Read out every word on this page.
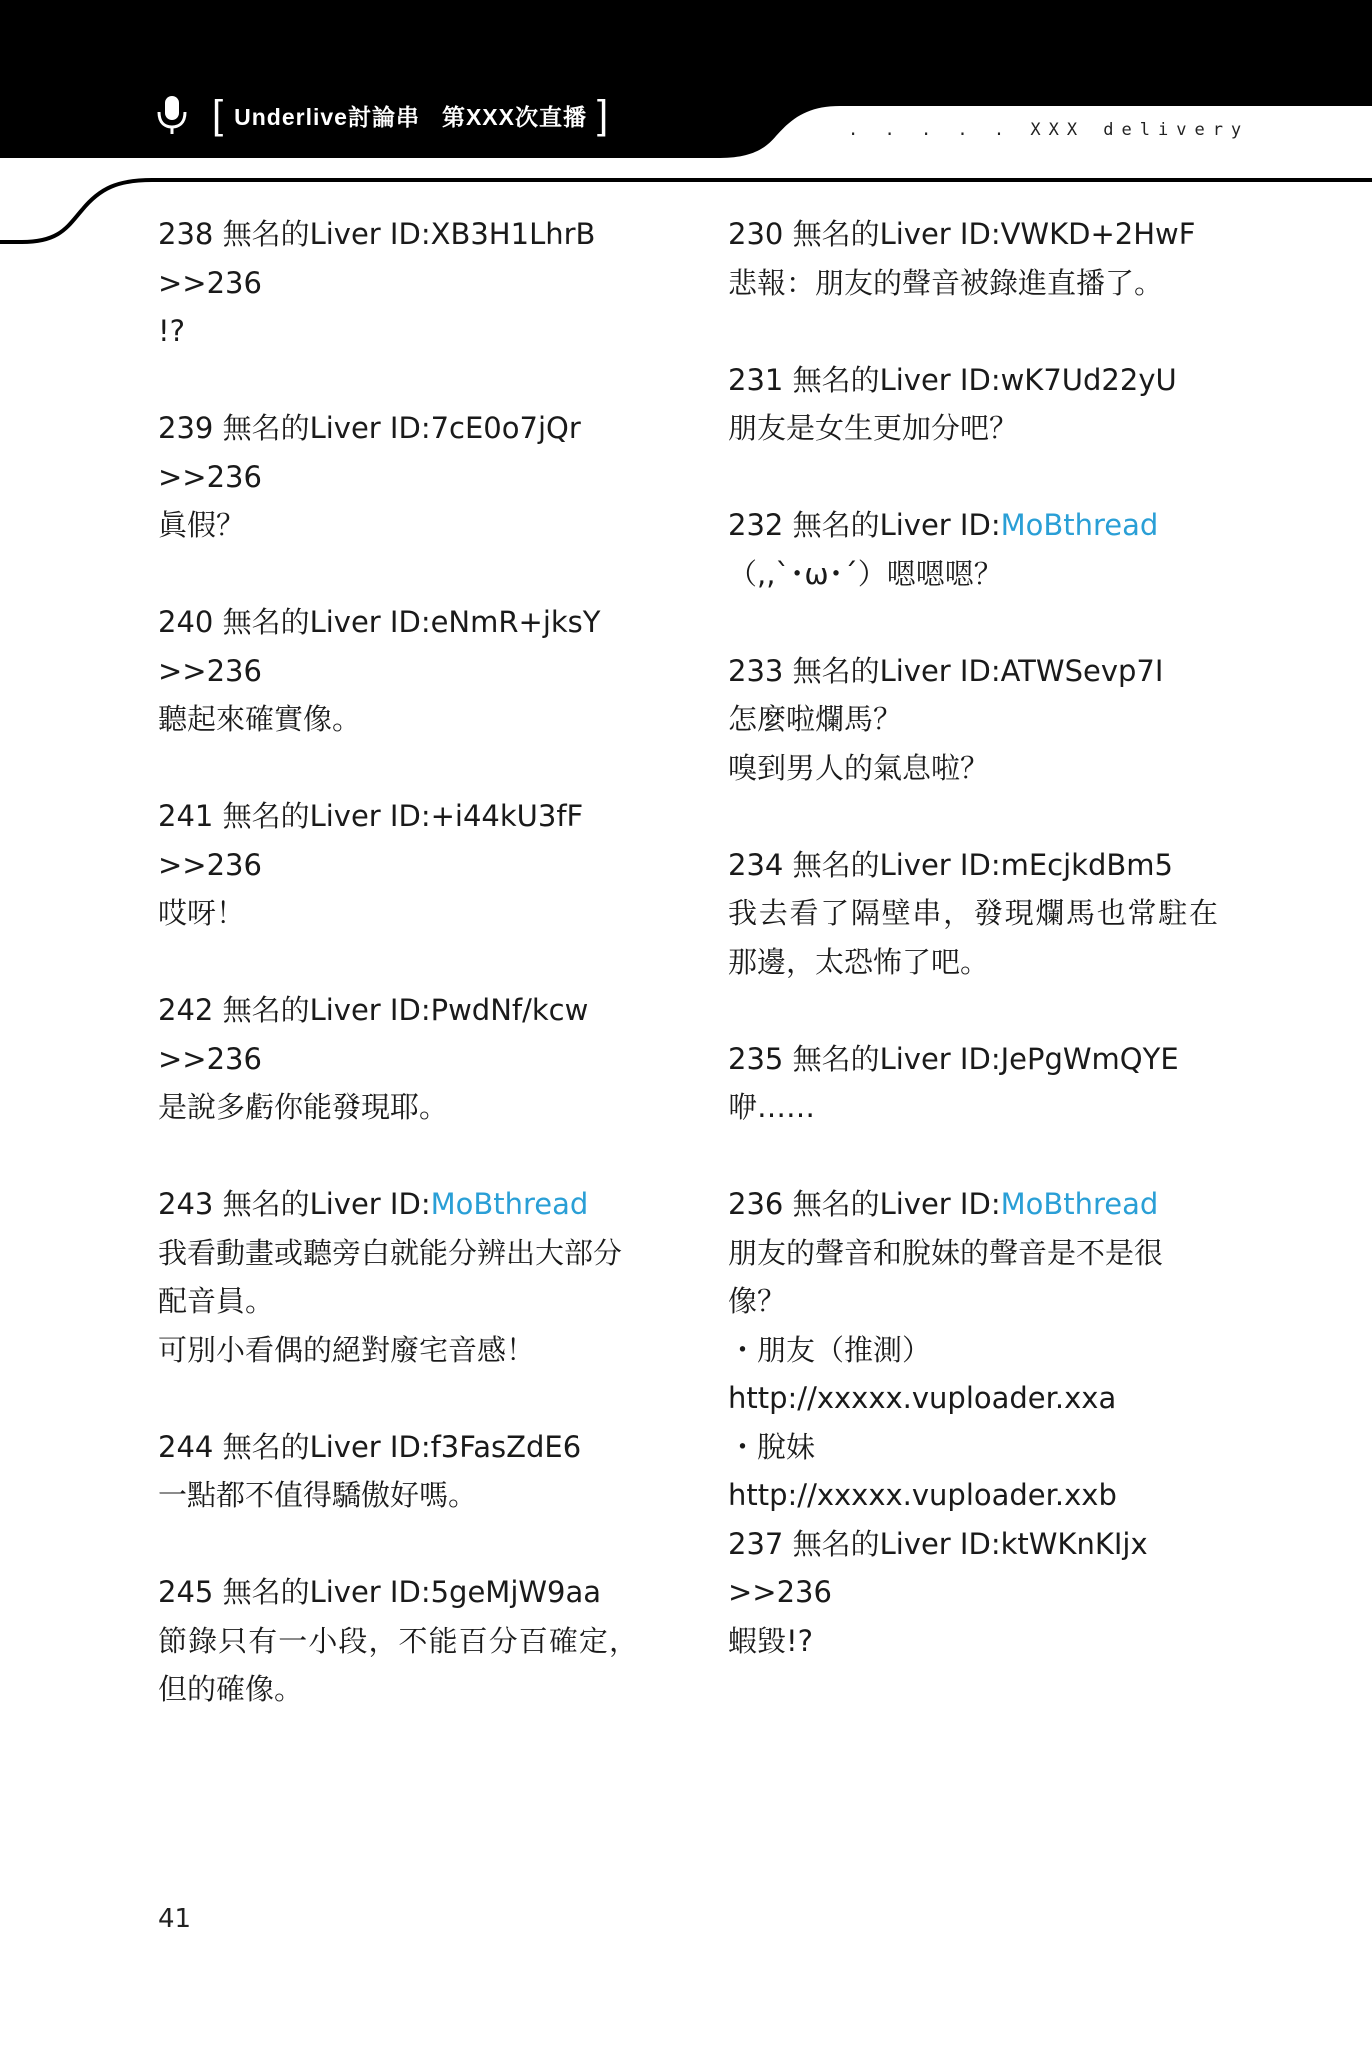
[ Underlive討論串 第XXX次直播 ]	. . . . . XXX delivery
238 無名的Liver ID:XB3H1LhrB
>>236
!?
239 無名的Liver ID:7cE0o7jQr
>>236
眞假？
240 無名的Liver ID:eNmR+jksY
>>236
聽起來確實像。
241 無名的Liver ID:+i44kU3fF
>>236
哎呀！
242 無名的Liver ID:PwdNf/kcw
>>236
是說多虧你能發現耶。
243 無名的Liver ID:MoBthread
我看動畫或聽旁白就能分辨出大部分配音員。
可別小看偶的絕對廢宅音感！
244 無名的Liver ID:f3FasZdE6
一點都不值得驕傲好嗎。
245 無名的Liver ID:5geMjW9aa
節錄只有一小段，不能百分百確定，但的確像。
230 無名的Liver ID:VWKD+2HwF
悲報：朋友的聲音被錄進直播了。
231 無名的Liver ID:wK7Ud22yU
朋友是女生更加分吧？
232 無名的Liver ID:MoBthread
（,,`･ω･´）嗯嗯嗯？
233 無名的Liver ID:ATWSevp7I
怎麼啦爛馬？
嗅到男人的氣息啦？
234 無名的Liver ID:mEcjkdBm5
我去看了隔壁串，發現爛馬也常駐在那邊，太恐怖了吧。
235 無名的Liver ID:JePgWmQYE
咿……
236 無名的Liver ID:MoBthread
朋友的聲音和脫妹的聲音是不是很像？
・朋友（推測）
http://xxxxx.vuploader.xxa
・脫妹
http://xxxxx.vuploader.xxb
237 無名的Liver ID:ktWKnKIjx
>>236
蝦毀!?
41
